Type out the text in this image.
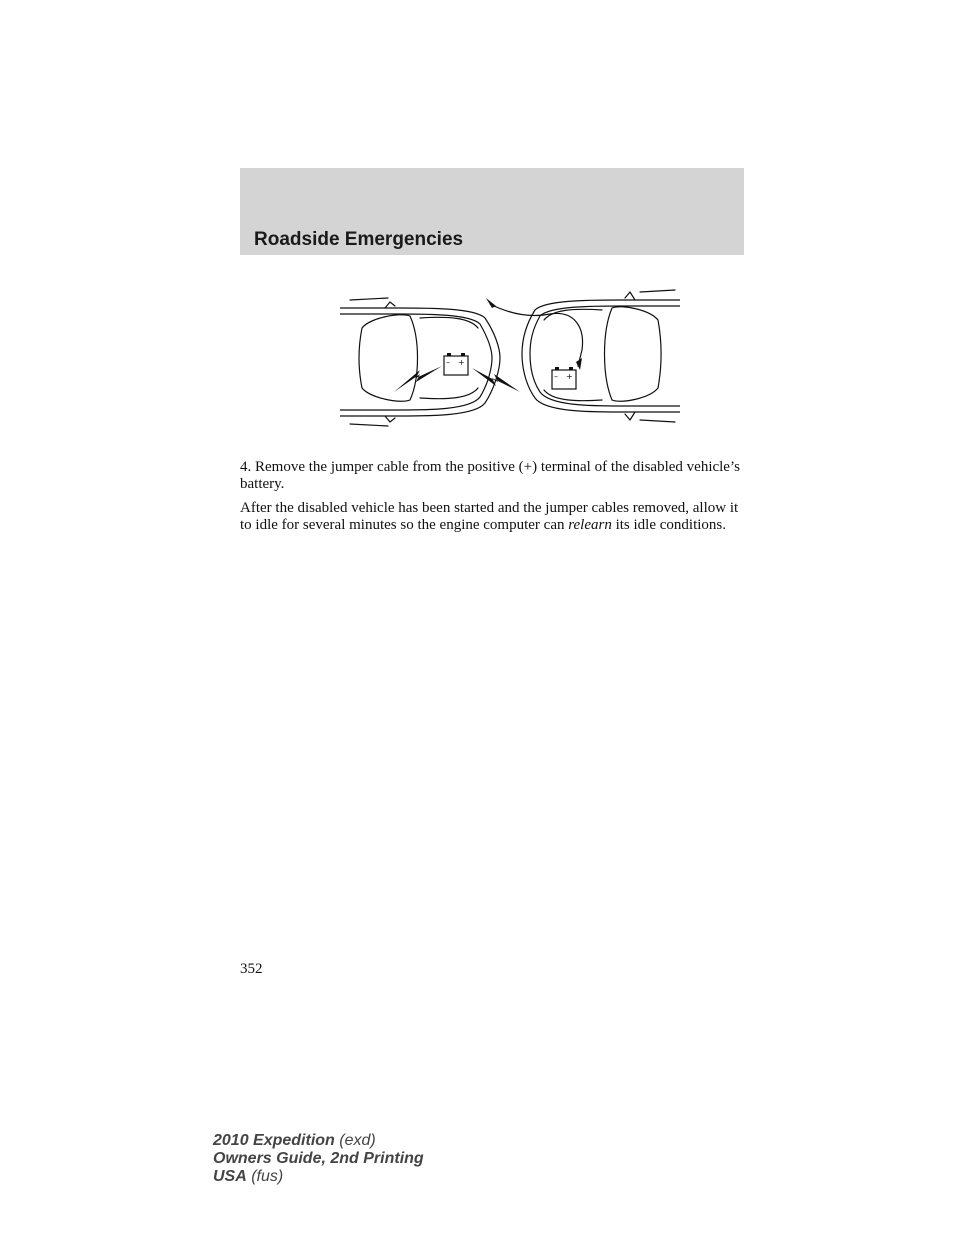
Roadside Emergencies
– +
– +

4. Remove the jumper cable from the positive (+) terminal of the disabled vehicle’s battery.

After the disabled vehicle has been started and the jumper cables removed, allow it to idle for several minutes so the engine computer can relearn its idle conditions.

352
2010 Expedition (exd)
Owners Guide, 2nd Printing
USA (fus)
